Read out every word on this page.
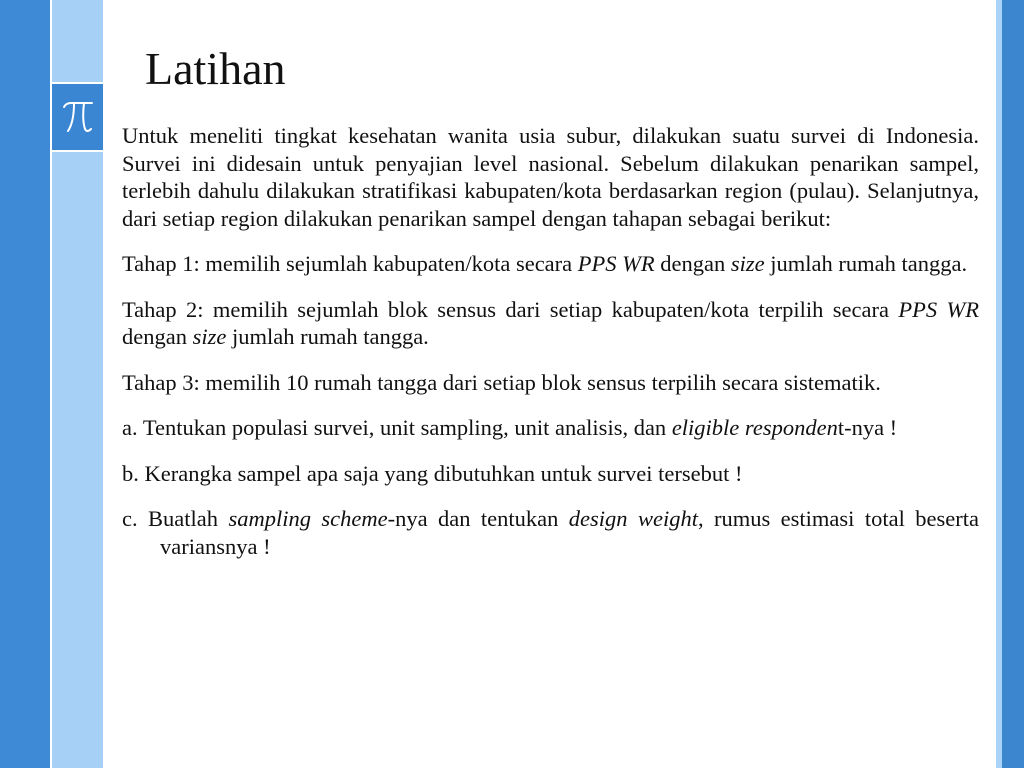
Latihan

Untuk meneliti tingkat kesehatan wanita usia subur, dilakukan suatu survei di Indonesia. Survei ini didesain untuk penyajian level nasional. Sebelum dilakukan penarikan sampel, terlebih dahulu dilakukan stratifikasi kabupaten/kota berdasarkan region (pulau). Selanjutnya, dari setiap region dilakukan penarikan sampel dengan tahapan sebagai berikut:

Tahap 1: memilih sejumlah kabupaten/kota secara PPS WR dengan size jumlah rumah tangga.

Tahap 2: memilih sejumlah blok sensus dari setiap kabupaten/kota terpilih secara PPS WR dengan size jumlah rumah tangga.

Tahap 3: memilih 10 rumah tangga dari setiap blok sensus terpilih secara sistematik.

a. Tentukan populasi survei, unit sampling, unit analisis, dan eligible respondent-nya !

b. Kerangka sampel apa saja yang dibutuhkan untuk survei tersebut !

c. Buatlah sampling scheme-nya dan tentukan design weight, rumus estimasi total beserta variansnya !
